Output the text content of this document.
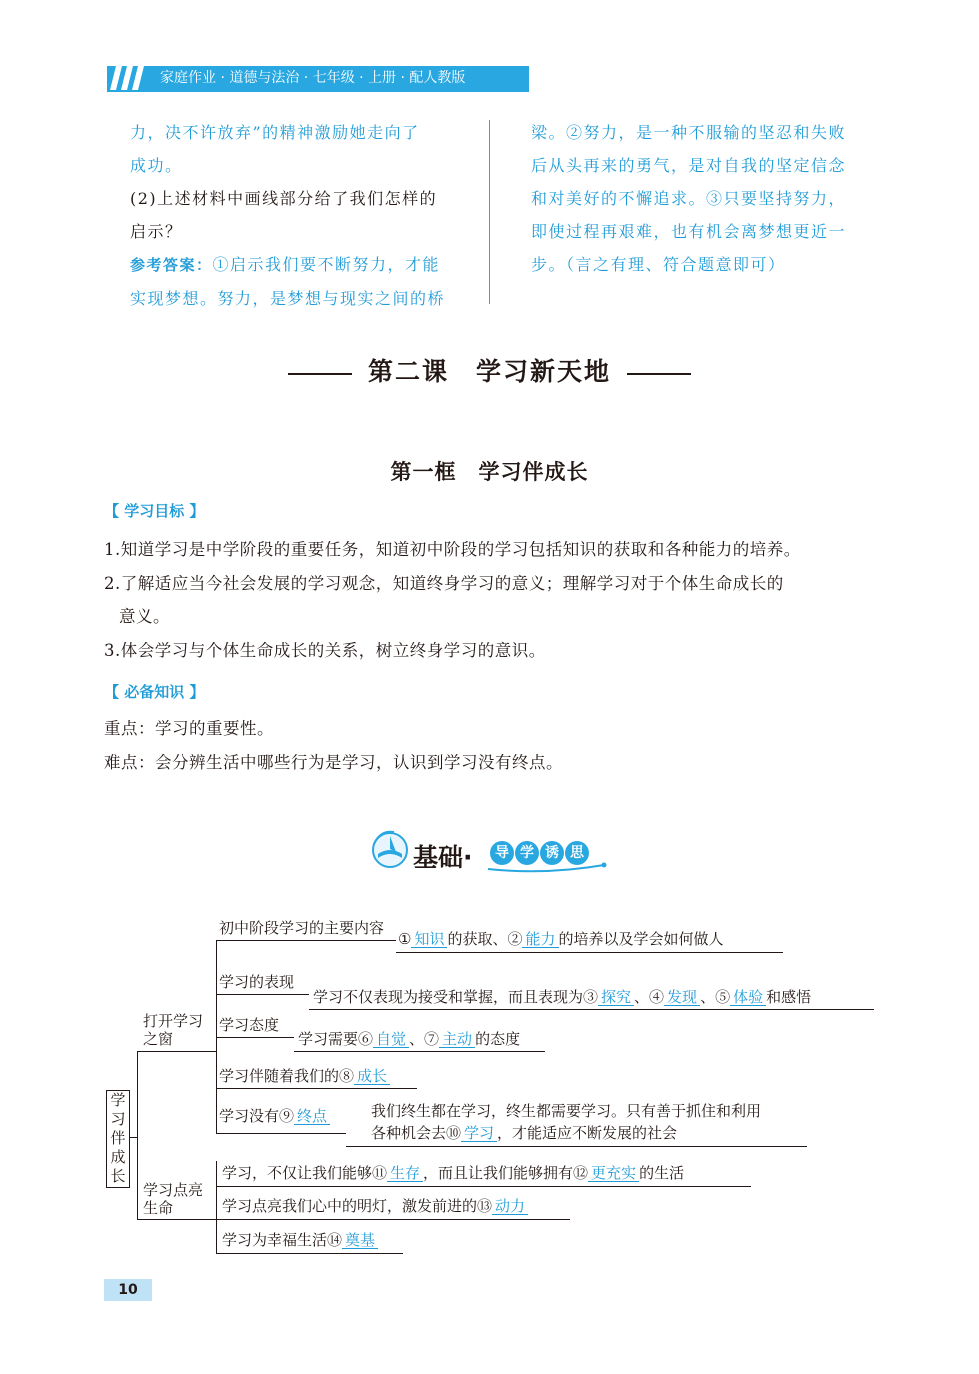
家庭作业 · 道德与法治 · 七年级 · 上册 · 配人教版
力，决不许放弃”的精神激励她走向了
成功。
(2)上述材料中画线部分给了我们怎样的
启示？
参考答案：①启示我们要不断努力，才能
实现梦想。努力，是梦想与现实之间的桥
梁。②努力，是一种不服输的坚忍和失败
后从头再来的勇气，是对自我的坚定信念
和对美好的不懈追求。③只要坚持努力，
即使过程再艰难，也有机会离梦想更近一
步。（言之有理、符合题意即可）
第二课　学习新天地
第一框　学习伴成长
【 学习目标 】
1.知道学习是中学阶段的重要任务，知道初中阶段的学习包括知识的获取和各种能力的培养。
2.了解适应当今社会发展的学习观念，知道终身学习的意义；理解学习对于个体生命成长的
意义。
3.体会学习与个体生命成长的关系，树立终身学习的意识。
【 必备知识 】
重点：学习的重要性。
难点：会分辨生活中哪些行为是学习，认识到学习没有终点。
基础·	导 学 诱 思
学
习
伴
成
长
打开学习
之窗
学习点亮
生命
初中阶段学习的主要内容
① 知识 的获取、② 能力 的培养以及学会如何做人
学习的表现
学习不仅表现为接受和掌握，而且表现为③ 探究 、④ 发现 、⑤ 体验 和感悟
学习态度
学习需要⑥ 自觉 、⑦ 主动 的态度
学习伴随着我们的⑧ 成长
学习没有⑨ 终点	我们终生都在学习，终生都需要学习。只有善于抓住和利用
各种机会去⑩ 学习 ，才能适应不断发展的社会
学习，不仅让我们能够⑪ 生存 ，而且让我们能够拥有⑫ 更充实 的生活
学习点亮我们心中的明灯，激发前进的⑬ 动力
学习为幸福生活⑭ 奠基
10
